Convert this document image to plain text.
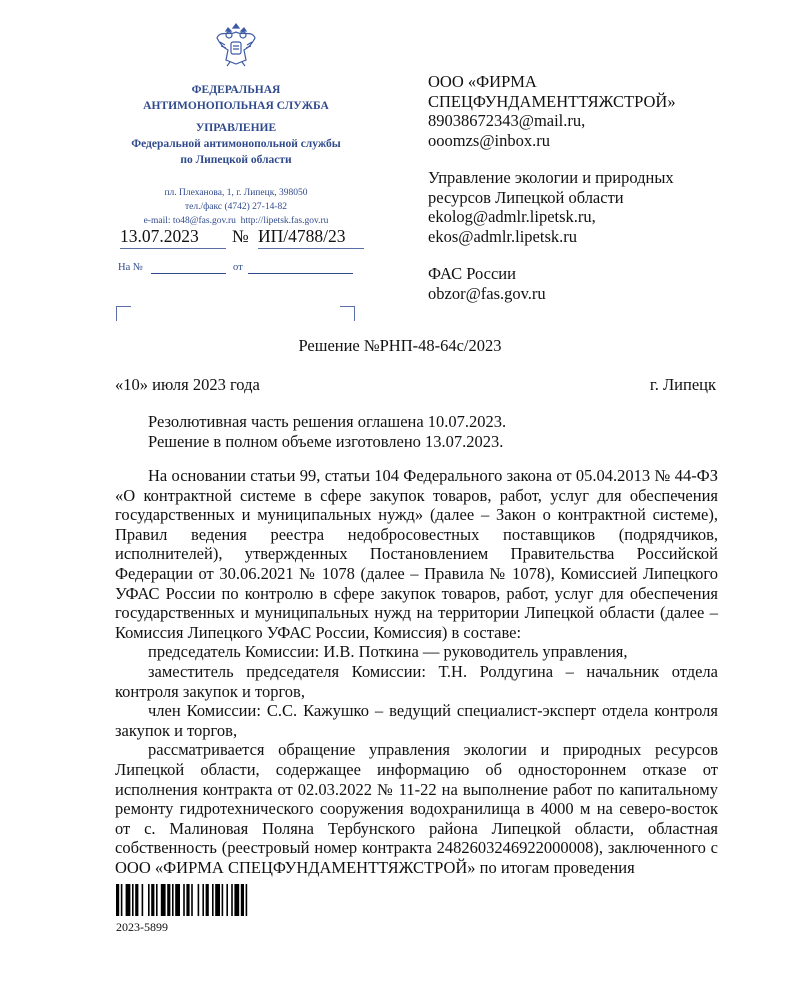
ФЕДЕРАЛЬНАЯ
АНТИМОНОПОЛЬНАЯ СЛУЖБА
УПРАВЛЕНИЕ
Федеральной антимонопольной службы
по Липецкой области
пл. Плеханова, 1, г. Липецк, 398050
тел./факс (4742) 27-14-82
e-mail: to48@fas.gov.ru  http://lipetsk.fas.gov.ru
13.07.2023	№ ИП/4788/23
На №	от
ООО «ФИРМА
СПЕЦФУНДАМЕНТТЯЖСТРОЙ»
89038672343@mail.ru,
ooomzs@inbox.ru
Управление экологии и природных
ресурсов Липецкой области
ekolog@admlr.lipetsk.ru,
ekos@admlr.lipetsk.ru
ФАС России
obzor@fas.gov.ru
Решение №РНП-48-64с/2023
«10» июля 2023 года	г. Липецк
Резолютивная часть решения оглашена 10.07.2023.
Решение в полном объеме изготовлено 13.07.2023.

На основании статьи 99, статьи 104 Федерального закона от 05.04.2013 № 44-ФЗ «О контрактной системе в сфере закупок товаров, работ, услуг для обеспечения государственных и муниципальных нужд» (далее – Закон о контрактной системе), Правил ведения реестра недобросовестных поставщиков (подрядчиков, исполнителей), утвержденных Постановлением Правительства Российской Федерации от 30.06.2021 № 1078 (далее – Правила № 1078), Комиссией Липецкого УФАС России по контролю в сфере закупок товаров, работ, услуг для обеспечения государственных и муниципальных нужд на территории Липецкой области (далее – Комиссия Липецкого УФАС России, Комиссия) в составе:

председатель Комиссии: И.В. Поткина — руководитель управления,

заместитель председателя Комиссии: Т.Н. Ролдугина – начальник отдела контроля закупок и торгов,

член Комиссии: С.С. Кажушко – ведущий специалист-эксперт отдела контроля закупок и торгов,

рассматривается обращение управления экологии и природных ресурсов Липецкой области, содержащее информацию об одностороннем отказе от исполнения контракта от 02.03.2022 № 11-22 на выполнение работ по капитальному ремонту гидротехнического сооружения водохранилища в 4000 м на северо-восток от с. Малиновая Поляна Тербунского района Липецкой области, областная собственность (реестровый номер контракта 2482603246922000008), заключенного с ООО «ФИРМА СПЕЦФУНДАМЕНТТЯЖСТРОЙ» по итогам проведения

2023-5899
